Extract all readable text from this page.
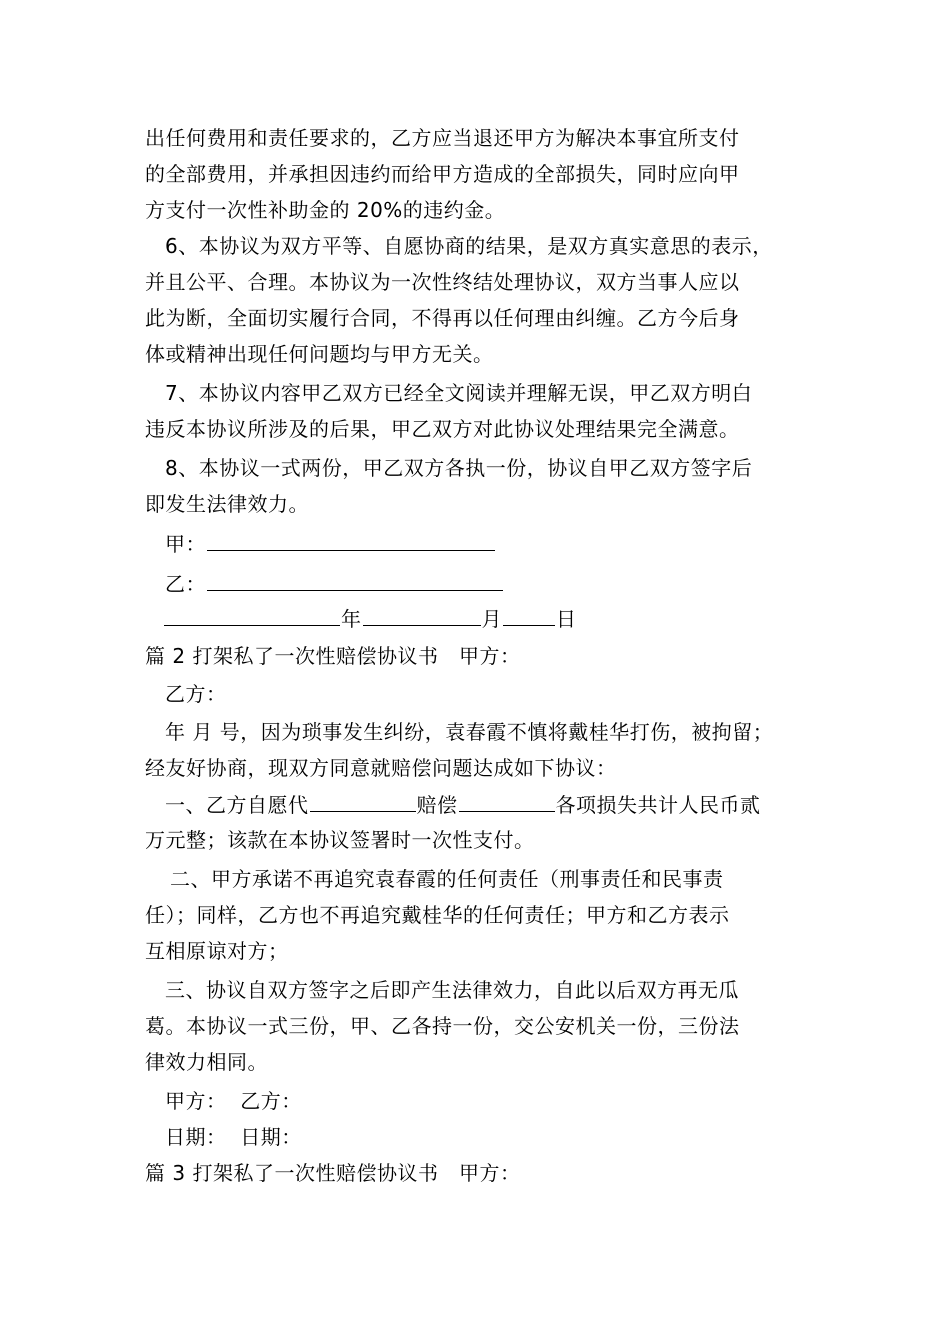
出任何费用和责任要求的，乙方应当退还甲方为解决本事宜所支付
的全部费用，并承担因违约而给甲方造成的全部损失，同时应向甲
方支付一次性补助金的 20%的违约金。
6、本协议为双方平等、自愿协商的结果，是双方真实意思的表示，
并且公平、合理。本协议为一次性终结处理协议，双方当事人应以
此为断，全面切实履行合同，不得再以任何理由纠缠。乙方今后身
体或精神出现任何问题均与甲方无关。
7、本协议内容甲乙双方已经全文阅读并理解无误，甲乙双方明白
违反本协议所涉及的后果，甲乙双方对此协议处理结果完全满意。
8、本协议一式两份，甲乙双方各执一份，协议自甲乙双方签字后
即发生法律效力。
甲：
乙：
年	月	日
篇 2 打架私了一次性赔偿协议书　甲方：
乙方：
年 月 号，因为琐事发生纠纷，袁春霞不慎将戴桂华打伤，被拘留；
经友好协商，现双方同意就赔偿问题达成如下协议：
一、乙方自愿代	赔偿	各项损失共计人民币贰
万元整；该款在本协议签署时一次性支付。
二、甲方承诺不再追究袁春霞的任何责任（刑事责任和民事责
任）；同样，乙方也不再追究戴桂华的任何责任；甲方和乙方表示
互相原谅对方；
三、协议自双方签字之后即产生法律效力，自此以后双方再无瓜
葛。本协议一式三份，甲、乙各持一份，交公安机关一份，三份法
律效力相同。
甲方：  乙方：
日期：  日期：
篇 3 打架私了一次性赔偿协议书　甲方：
